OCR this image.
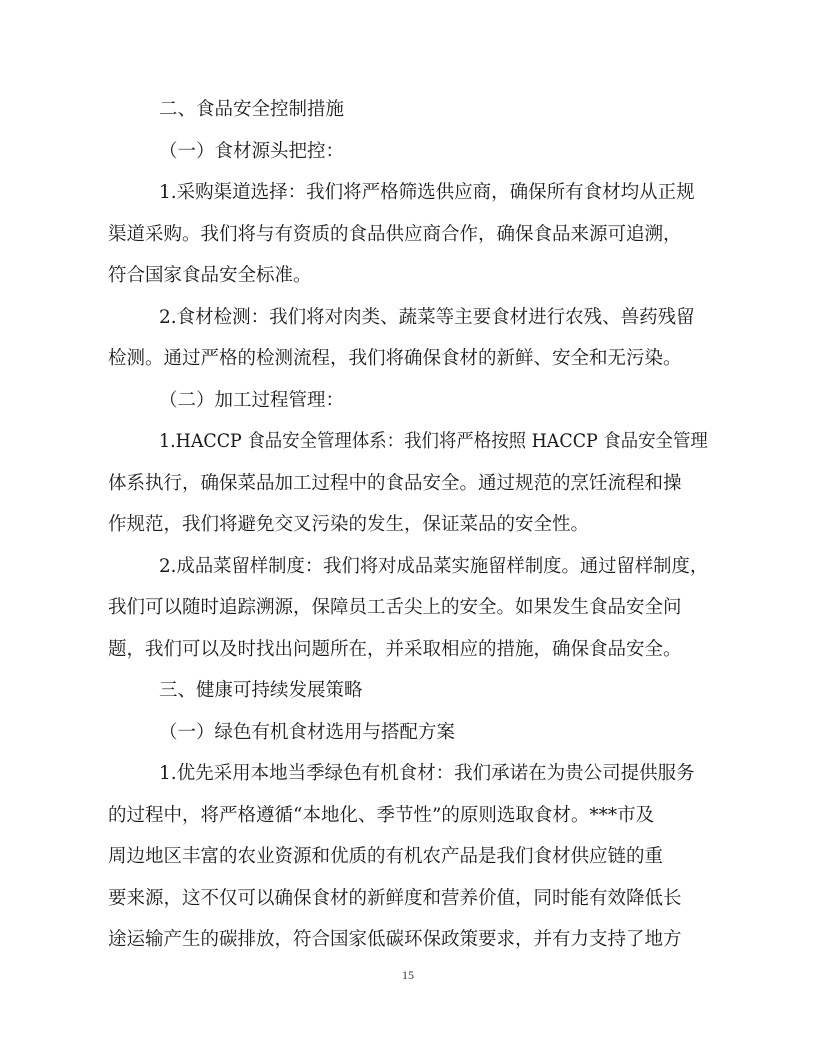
二、食品安全控制措施
（一）食材源头把控：
1.采购渠道选择：我们将严格筛选供应商，确保所有食材均从正规
渠道采购。我们将与有资质的食品供应商合作，确保食品来源可追溯，
符合国家食品安全标准。
2.食材检测：我们将对肉类、蔬菜等主要食材进行农残、兽药残留
检测。通过严格的检测流程，我们将确保食材的新鲜、安全和无污染。
（二）加工过程管理：
1.HACCP 食品安全管理体系：我们将严格按照 HACCP 食品安全管理
体系执行，确保菜品加工过程中的食品安全。通过规范的烹饪流程和操
作规范，我们将避免交叉污染的发生，保证菜品的安全性。
2.成品菜留样制度：我们将对成品菜实施留样制度。通过留样制度，
我们可以随时追踪溯源，保障员工舌尖上的安全。如果发生食品安全问
题，我们可以及时找出问题所在，并采取相应的措施，确保食品安全。
三、健康可持续发展策略
（一）绿色有机食材选用与搭配方案
1.优先采用本地当季绿色有机食材：我们承诺在为贵公司提供服务
的过程中，将严格遵循“本地化、季节性”的原则选取食材。***市及
周边地区丰富的农业资源和优质的有机农产品是我们食材供应链的重
要来源，这不仅可以确保食材的新鲜度和营养价值，同时能有效降低长
途运输产生的碳排放，符合国家低碳环保政策要求，并有力支持了地方
15
